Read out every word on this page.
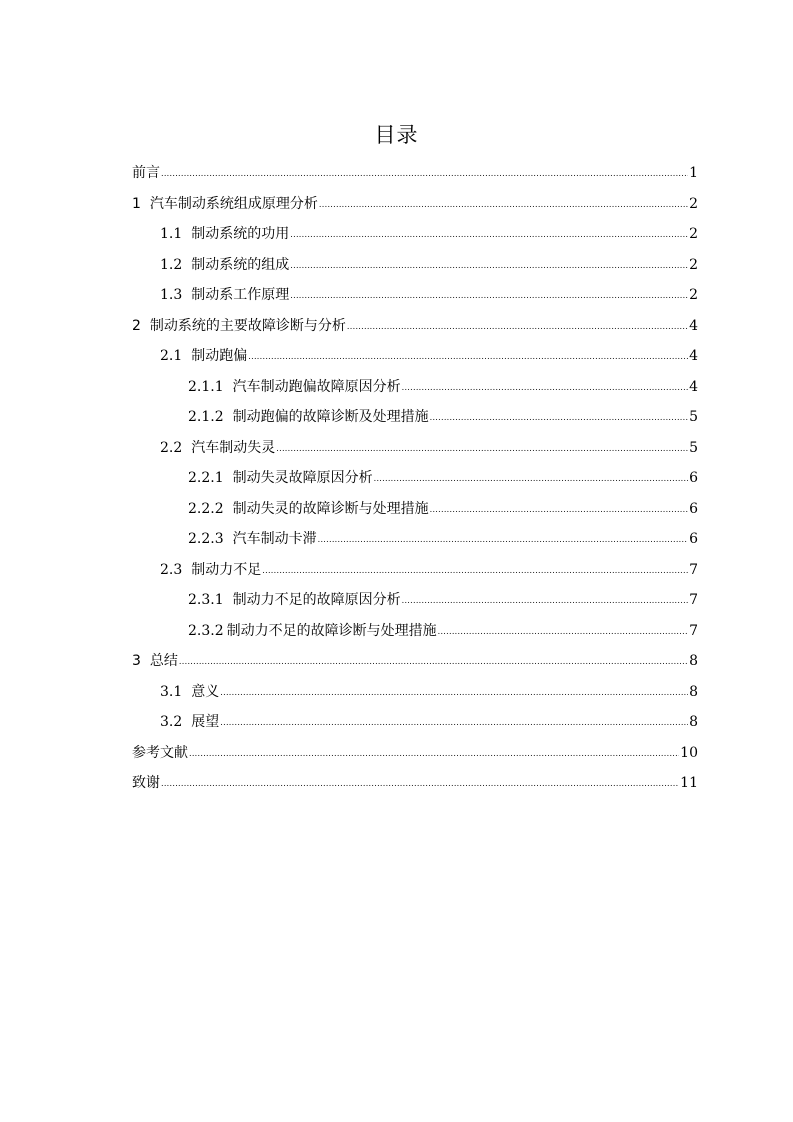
目录
前言 .....	1
1 汽车制动系统组成原理分析 .....	2
1.1 制动系统的功用 .....	2
1.2 制动系统的组成 .....	2
1.3 制动系工作原理 .....	2
2 制动系统的主要故障诊断与分析 .....	4
2.1 制动跑偏 .....	4
2.1.1 汽车制动跑偏故障原因分析 .....	4
2.1.2 制动跑偏的故障诊断及处理措施 .....	5
2.2 汽车制动失灵 .....	5
2.2.1 制动失灵故障原因分析 .....	6
2.2.2 制动失灵的故障诊断与处理措施 .....	6
2.2.3 汽车制动卡滞 .....	6
2.3 制动力不足 .....	7
2.3.1 制动力不足的故障原因分析 .....	7
2.3.2 制动力不足的故障诊断与处理措施 .....	7
3 总结 .....	8
3.1 意义 .....	8
3.2 展望 .....	8
参考文献 .....	10
致谢 .....	11
